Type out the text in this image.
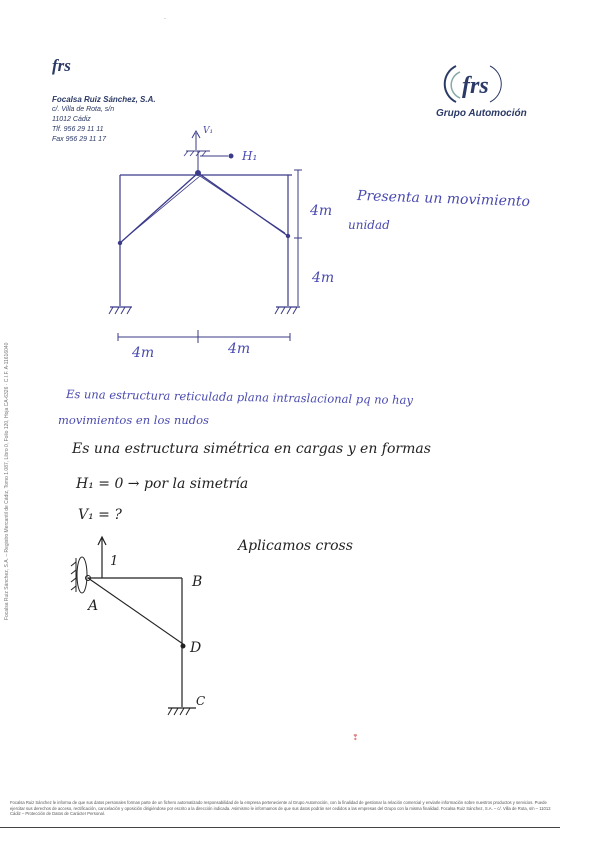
·
frs
Focalsa Ruiz Sánchez, S.A.
c/. Villa de Rota, s/n
11012 Cádiz
Tlf. 956 29 11 11
Fax 956 29 11 17
frs
Grupo Automoción
Focalsa Ruiz Sánchez, S.A. – Registro Mercantil de Cádiz, Tomo 1.087, Libro 0, Folio 120, Hoja CA-6326 · C.I.F. A-11616040
V₁
H₁
4m
4m
4m	4m
Presenta un movimiento
unidad
Es una estructura reticulada plana intraslacional pq no hay
movimientos en los nudos
Es una estructura simétrica en cargas y en formas
H₁ = 0 → por la simetría
V₁ = ?
Aplicamos cross
1
A
B
D
C
❢
Focalsa Ruiz Sánchez le informa de que sus datos personales forman parte de un fichero automatizado responsabilidad de la empresa perteneciente al Grupo Automoción, con la finalidad de gestionar la relación comercial y enviarle información sobre nuestros productos y servicios. Puede ejercitar sus derechos de acceso, rectificación, cancelación y oposición dirigiéndose por escrito a la dirección indicada. Asimismo le informamos de que sus datos podrán ser cedidos a las empresas del Grupo con la misma finalidad. Focalsa Ruiz Sánchez, S.A. – c/. Villa de Rota, s/n – 11012 Cádiz – Protección de Datos de Carácter Personal.
